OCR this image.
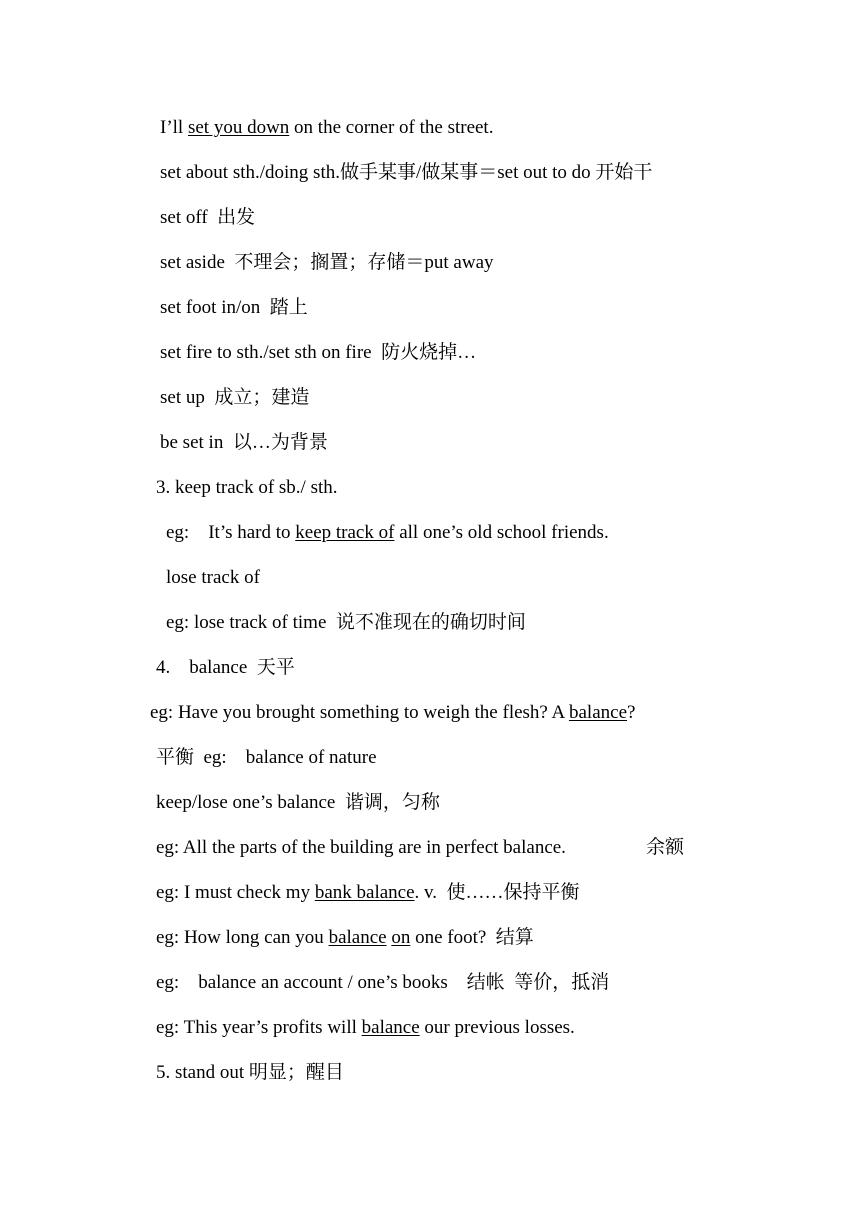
I’ll set you down on the corner of the street.
set about sth./doing sth.做手某事/做某事＝set out to do 开始干
set off  出发
set aside  不理会；搁置；存储＝put away
set foot in/on  踏上
set fire to sth./set sth on fire  防火烧掉…
set up  成立；建造
be set in  以…为背景
3. keep track of sb./ sth.
eg:    It’s hard to keep track of all one’s old school friends.
lose track of
eg: lose track of time  说不准现在的确切时间
4.    balance  天平
eg: Have you brought something to weigh the flesh? A balance?
平衡  eg:    balance of nature
keep/lose one’s balance  谐调，匀称
eg: All the parts of the building are in perfect balance.	余额
eg: I must check my bank balance. v.  使……保持平衡
eg: How long can you balance on one foot?  结算
eg:    balance an account / one’s books    结帐  等价，抵消
eg: This year’s profits will balance our previous losses.
5. stand out 明显；醒目
